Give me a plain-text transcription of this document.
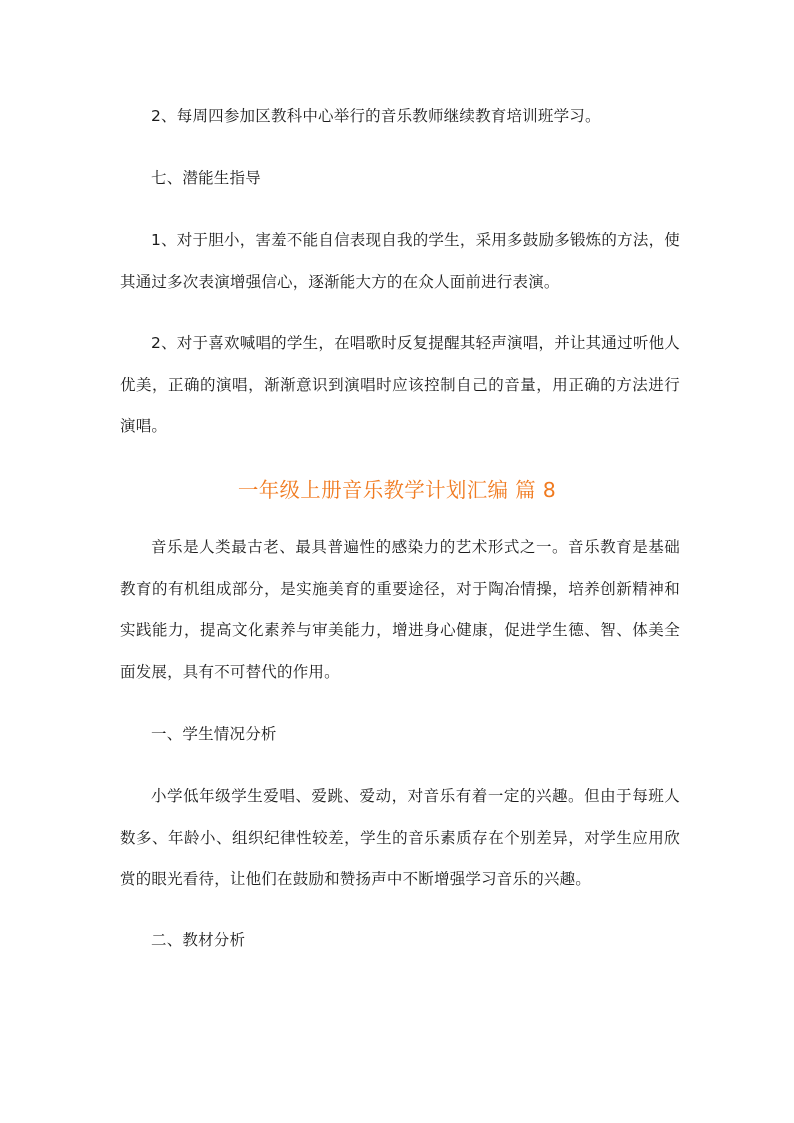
2、每周四参加区教科中心举行的音乐教师继续教育培训班学习。

七、潜能生指导

1、对于胆小，害羞不能自信表现自我的学生，采用多鼓励多锻炼的方法，使其通过多次表演增强信心，逐渐能大方的在众人面前进行表演。

2、对于喜欢喊唱的学生，在唱歌时反复提醒其轻声演唱，并让其通过听他人优美，正确的演唱，渐渐意识到演唱时应该控制自己的音量，用正确的方法进行演唱。

一年级上册音乐教学计划汇编 篇 8

音乐是人类最古老、最具普遍性的感染力的艺术形式之一。音乐教育是基础教育的有机组成部分，是实施美育的重要途径，对于陶冶情操，培养创新精神和实践能力，提高文化素养与审美能力，增进身心健康，促进学生德、智、体美全面发展，具有不可替代的作用。

一、学生情况分析

小学低年级学生爱唱、爱跳、爱动，对音乐有着一定的兴趣。但由于每班人数多、年龄小、组织纪律性较差，学生的音乐素质存在个别差异，对学生应用欣赏的眼光看待，让他们在鼓励和赞扬声中不断增强学习音乐的兴趣。

二、教材分析
